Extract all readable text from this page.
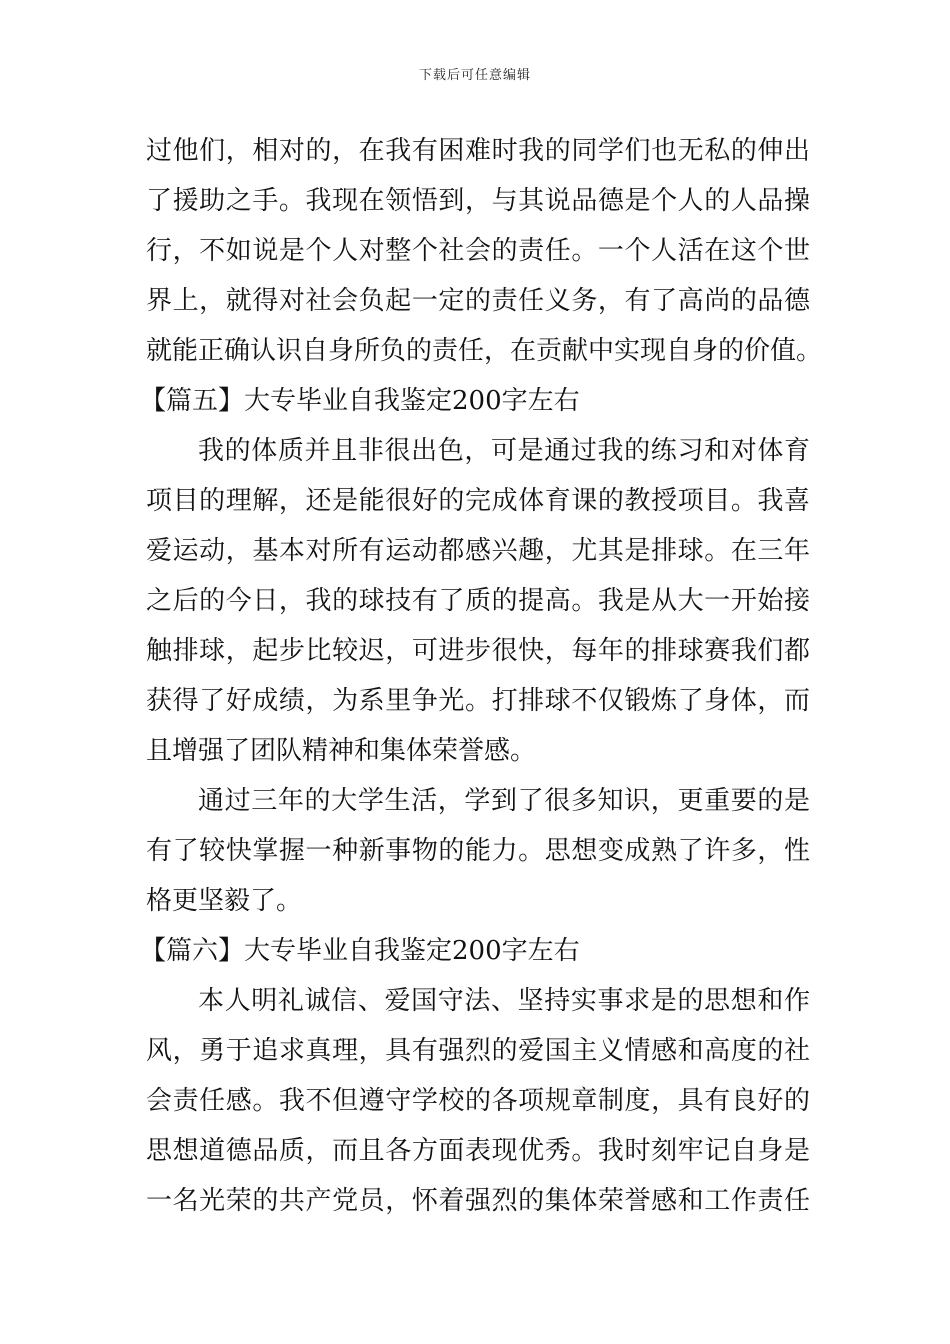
下载后可任意编辑
过他们，相对的，在我有困难时我的同学们也无私的伸出
了援助之手。我现在领悟到，与其说品德是个人的人品操
行，不如说是个人对整个社会的责任。一个人活在这个世
界上，就得对社会负起一定的责任义务，有了高尚的品德
就能正确认识自身所负的责任，在贡献中实现自身的价值。
【篇五】大专毕业自我鉴定200字左右
我的体质并且非很出色，可是通过我的练习和对体育
项目的理解，还是能很好的完成体育课的教授项目。我喜
爱运动，基本对所有运动都感兴趣，尤其是排球。在三年
之后的今日，我的球技有了质的提高。我是从大一开始接
触排球，起步比较迟，可进步很快，每年的排球赛我们都
获得了好成绩，为系里争光。打排球不仅锻炼了身体，而
且增强了团队精神和集体荣誉感。
通过三年的大学生活，学到了很多知识，更重要的是
有了较快掌握一种新事物的能力。思想变成熟了许多，性
格更坚毅了。
【篇六】大专毕业自我鉴定200字左右
本人明礼诚信、爱国守法、坚持实事求是的思想和作
风，勇于追求真理，具有强烈的爱国主义情感和高度的社
会责任感。我不但遵守学校的各项规章制度，具有良好的
思想道德品质，而且各方面表现优秀。我时刻牢记自身是
一名光荣的共产党员，怀着强烈的集体荣誉感和工作责任
